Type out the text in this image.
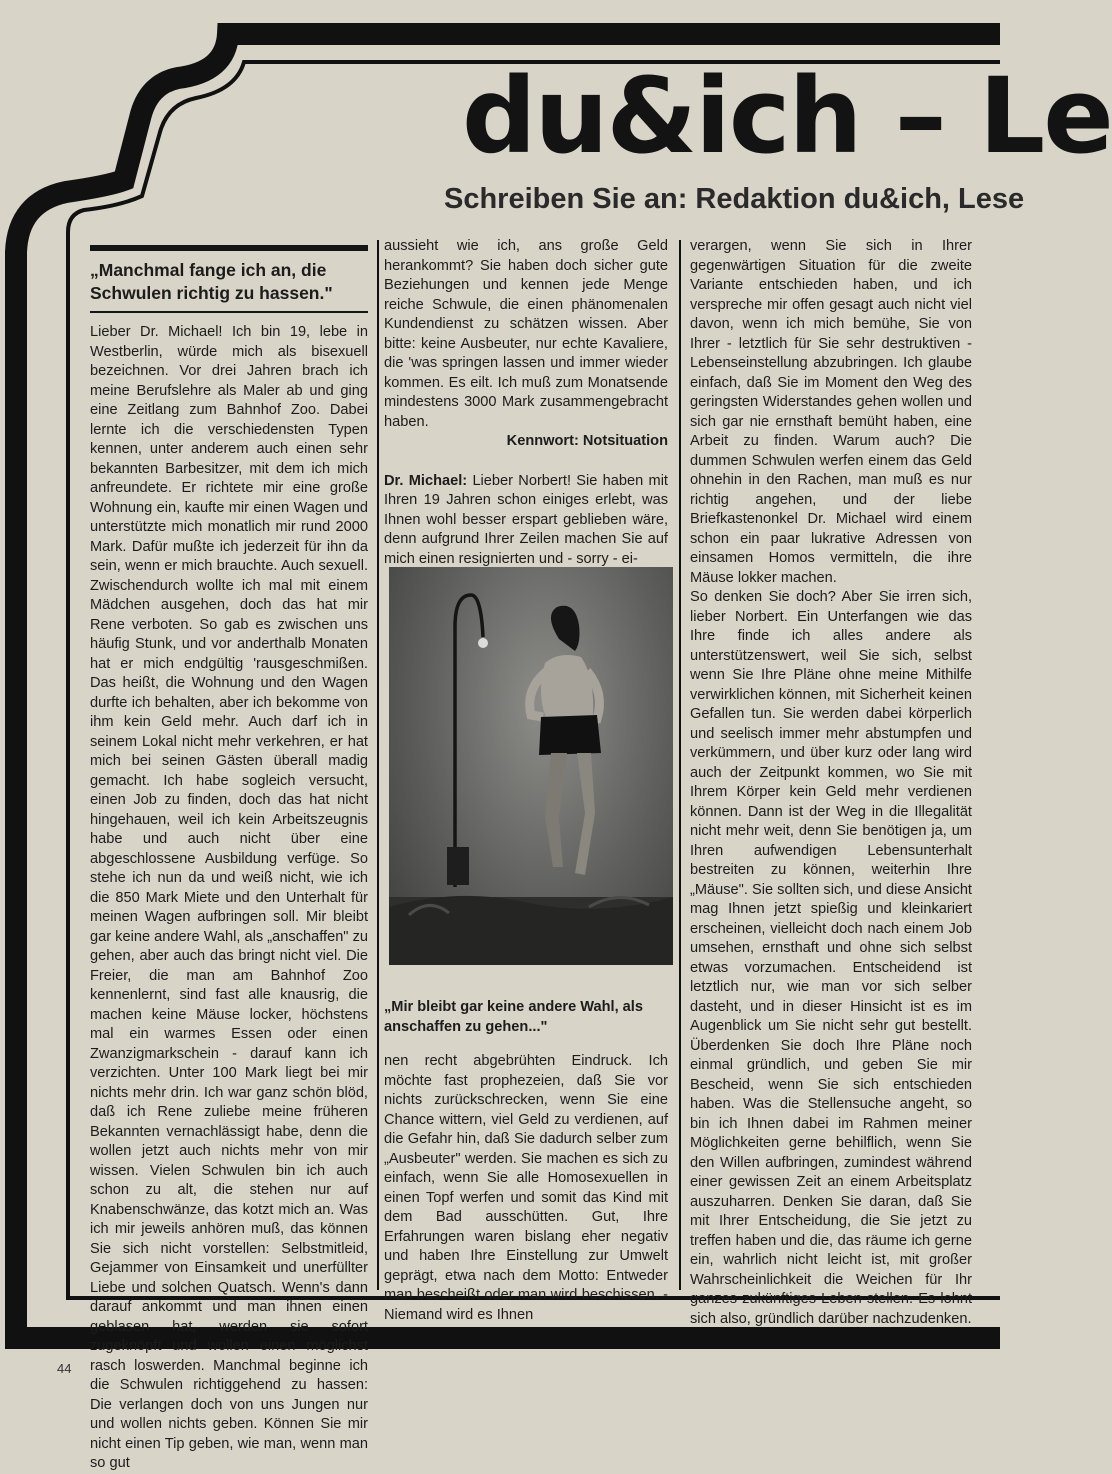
du&ich – Le
Schreiben Sie an: Redaktion du&ich, Lese

„Manchmal fange ich an, die Schwulen richtig zu hassen."

Lieber Dr. Michael! Ich bin 19, lebe in Westberlin, würde mich als bisexuell bezeichnen. Vor drei Jahren brach ich meine Berufslehre als Maler ab und ging eine Zeitlang zum Bahnhof Zoo. Dabei lernte ich die verschiedensten Typen kennen, unter anderem auch einen sehr bekannten Barbesitzer, mit dem ich mich anfreundete. Er richtete mir eine große Wohnung ein, kaufte mir einen Wagen und unterstützte mich monatlich mir rund 2000 Mark. Dafür mußte ich jederzeit für ihn da sein, wenn er mich brauchte. Auch sexuell. Zwischendurch wollte ich mal mit einem Mädchen ausgehen, doch das hat mir Rene verboten. So gab es zwischen uns häufig Stunk, und vor anderthalb Monaten hat er mich endgültig 'rausgeschmißen. Das heißt, die Wohnung und den Wagen durfte ich behalten, aber ich bekomme von ihm kein Geld mehr. Auch darf ich in seinem Lokal nicht mehr verkehren, er hat mich bei seinen Gästen überall madig gemacht. Ich habe sogleich versucht, einen Job zu finden, doch das hat nicht hingehauen, weil ich kein Arbeitszeugnis habe und auch nicht über eine abgeschlossene Ausbildung verfüge. So stehe ich nun da und weiß nicht, wie ich die 850 Mark Miete und den Unterhalt für meinen Wagen aufbringen soll. Mir bleibt gar keine andere Wahl, als „anschaffen" zu gehen, aber auch das bringt nicht viel. Die Freier, die man am Bahnhof Zoo kennenlernt, sind fast alle knausrig, die machen keine Mäuse locker, höchstens mal ein warmes Essen oder einen Zwanzigmarkschein - darauf kann ich verzichten. Unter 100 Mark liegt bei mir nichts mehr drin. Ich war ganz schön blöd, daß ich Rene zuliebe meine früheren Bekannten vernachlässigt habe, denn die wollen jetzt auch nichts mehr von mir wissen. Vielen Schwulen bin ich auch schon zu alt, die stehen nur auf Knabenschwänze, das kotzt mich an. Was ich mir jeweils anhören muß, das können Sie sich nicht vorstellen: Selbstmitleid, Gejammer von Einsamkeit und unerfüllter Liebe und solchen Quatsch. Wenn's dann darauf ankommt und man ihnen einen geblasen hat, werden sie sofort zugeknöpft und wollen einen möglichst rasch loswerden. Manchmal beginne ich die Schwulen richtiggehend zu hassen: Die verlangen doch von uns Jungen nur und wollen nichts geben. Können Sie mir nicht einen Tip geben, wie man, wenn man so gut

aussieht wie ich, ans große Geld herankommt? Sie haben doch sicher gute Beziehungen und kennen jede Menge reiche Schwule, die einen phänomenalen Kundendienst zu schätzen wissen. Aber bitte: keine Ausbeuter, nur echte Kavaliere, die 'was springen lassen und immer wieder kommen. Es eilt. Ich muß zum Monatsende mindestens 3000 Mark zusammengebracht haben.

Kennwort: Notsituation

Dr. Michael: Lieber Norbert! Sie haben mit Ihren 19 Jahren schon einiges erlebt, was Ihnen wohl besser erspart geblieben wäre, denn aufgrund Ihrer Zeilen machen Sie auf mich einen resignierten und - sorry - ei-

„Mir bleibt gar keine andere Wahl, als anschaffen zu gehen..."

nen recht abgebrühten Eindruck. Ich möchte fast prophezeien, daß Sie vor nichts zurückschrecken, wenn Sie eine Chance wittern, viel Geld zu verdienen, auf die Gefahr hin, daß Sie dadurch selber zum „Ausbeuter" werden. Sie machen es sich zu einfach, wenn Sie alle Homosexuellen in einen Topf werfen und somit das Kind mit dem Bad ausschütten. Gut, Ihre Erfahrungen waren bislang eher negativ und haben Ihre Einstellung zur Umwelt geprägt, etwa nach dem Motto: Entweder man bescheißt oder man wird beschissen. - Niemand wird es Ihnen

verargen, wenn Sie sich in Ihrer gegenwärtigen Situation für die zweite Variante entschieden haben, und ich verspreche mir offen gesagt auch nicht viel davon, wenn ich mich bemühe, Sie von Ihrer - letztlich für Sie sehr destruktiven - Lebenseinstellung abzubringen. Ich glaube einfach, daß Sie im Moment den Weg des geringsten Widerstandes gehen wollen und sich gar nie ernsthaft bemüht haben, eine Arbeit zu finden. Warum auch? Die dummen Schwulen werfen einem das Geld ohnehin in den Rachen, man muß es nur richtig angehen, und der liebe Briefkastenonkel Dr. Michael wird einem schon ein paar lukrative Adressen von einsamen Homos vermitteln, die ihre Mäuse lokker machen.

So denken Sie doch? Aber Sie irren sich, lieber Norbert. Ein Unterfangen wie das Ihre finde ich alles andere als unterstützenswert, weil Sie sich, selbst wenn Sie Ihre Pläne ohne meine Mithilfe verwirklichen können, mit Sicherheit keinen Gefallen tun. Sie werden dabei körperlich und seelisch immer mehr abstumpfen und verkümmern, und über kurz oder lang wird auch der Zeitpunkt kommen, wo Sie mit Ihrem Körper kein Geld mehr verdienen können. Dann ist der Weg in die Illegalität nicht mehr weit, denn Sie benötigen ja, um Ihren aufwendigen Lebensunterhalt bestreiten zu können, weiterhin Ihre „Mäuse". Sie sollten sich, und diese Ansicht mag Ihnen jetzt spießig und kleinkariert erscheinen, vielleicht doch nach einem Job umsehen, ernsthaft und ohne sich selbst etwas vorzumachen. Entscheidend ist letztlich nur, wie man vor sich selber dasteht, und in dieser Hinsicht ist es im Augenblick um Sie nicht sehr gut bestellt. Überdenken Sie doch Ihre Pläne noch einmal gründlich, und geben Sie mir Bescheid, wenn Sie sich entschieden haben. Was die Stellensuche angeht, so bin ich Ihnen dabei im Rahmen meiner Möglichkeiten gerne behilflich, wenn Sie den Willen aufbringen, zumindest während einer gewissen Zeit an einem Arbeitsplatz auszuharren. Denken Sie daran, daß Sie mit Ihrer Entscheidung, die Sie jetzt zu treffen haben und die, das räume ich gerne ein, wahrlich nicht leicht ist, mit großer Wahrscheinlichkeit die Weichen für Ihr ganzes zukünftiges Leben stellen. Es lohnt sich also, gründlich darüber nachzudenken.

44
